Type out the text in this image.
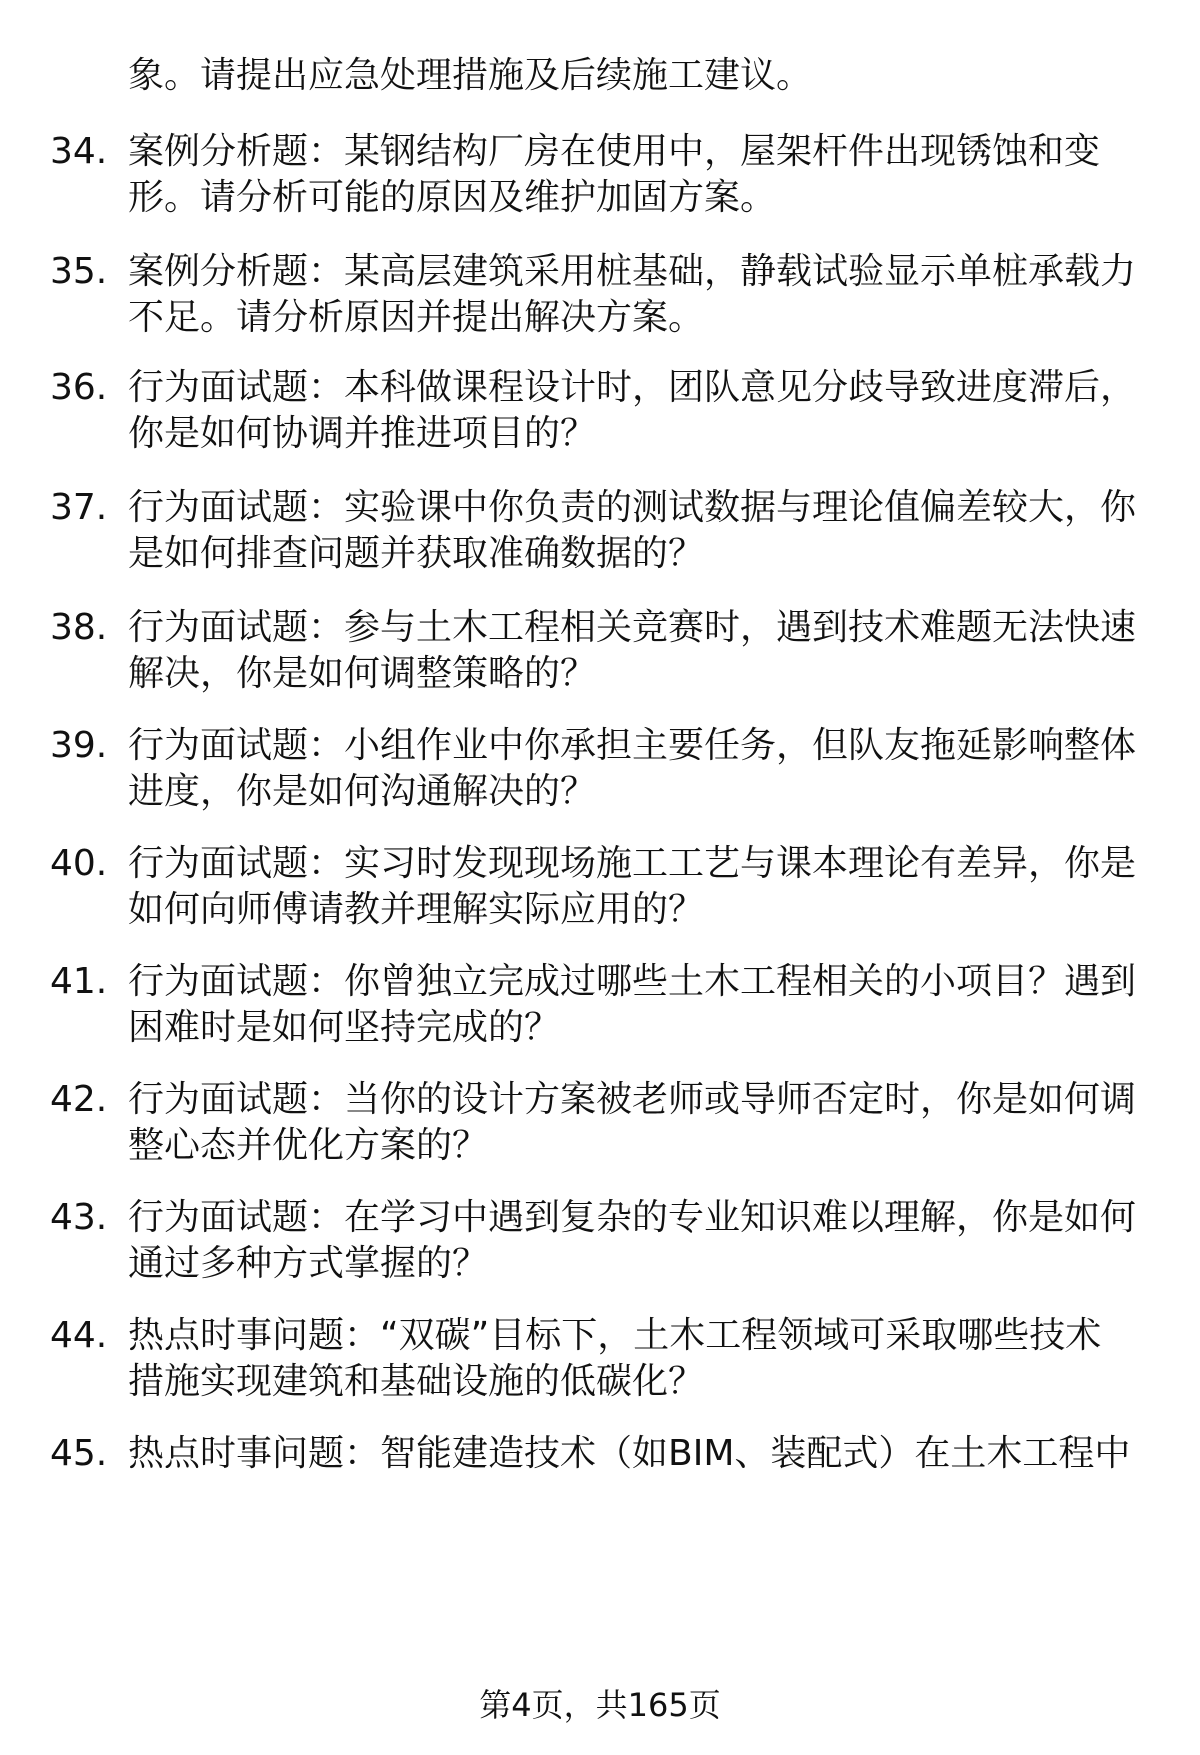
象。请提出应急处理措施及后续施工建议。
34. 案例分析题：某钢结构厂房在使用中，屋架杆件出现锈蚀和变
形。请分析可能的原因及维护加固方案。
35. 案例分析题：某高层建筑采用桩基础，静载试验显示单桩承载力
不足。请分析原因并提出解决方案。
36. 行为面试题：本科做课程设计时，团队意见分歧导致进度滞后，
你是如何协调并推进项目的？
37. 行为面试题：实验课中你负责的测试数据与理论值偏差较大，你
是如何排查问题并获取准确数据的？
38. 行为面试题：参与土木工程相关竞赛时，遇到技术难题无法快速
解决，你是如何调整策略的？
39. 行为面试题：小组作业中你承担主要任务，但队友拖延影响整体
进度，你是如何沟通解决的？
40. 行为面试题：实习时发现现场施工工艺与课本理论有差异，你是
如何向师傅请教并理解实际应用的？
41. 行为面试题：你曾独立完成过哪些土木工程相关的小项目？遇到
困难时是如何坚持完成的？
42. 行为面试题：当你的设计方案被老师或导师否定时，你是如何调
整心态并优化方案的？
43. 行为面试题：在学习中遇到复杂的专业知识难以理解，你是如何
通过多种方式掌握的？
44. 热点时事问题：“双碳”目标下，土木工程领域可采取哪些技术
措施实现建筑和基础设施的低碳化？
45. 热点时事问题：智能建造技术（如BIM、装配式）在土木工程中
第4页，共165页
